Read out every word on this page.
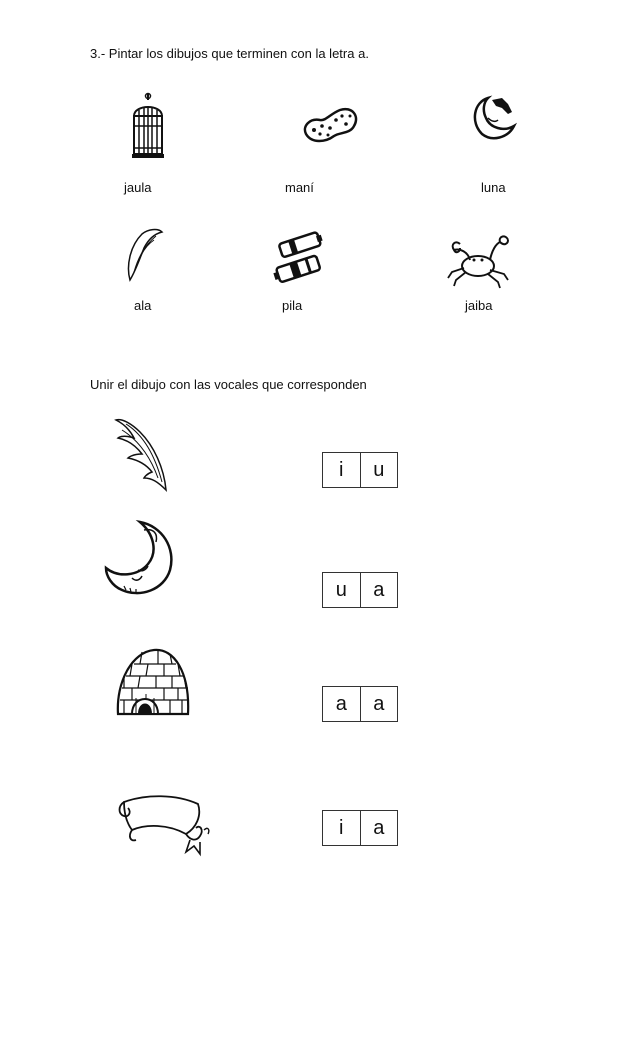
3.- Pintar los dibujos que terminen con la letra a.
jaula	maní	luna
ala	pila	jaiba
Unir el dibujo con las vocales que corresponden
i	u
u	a
a	a
i	a
